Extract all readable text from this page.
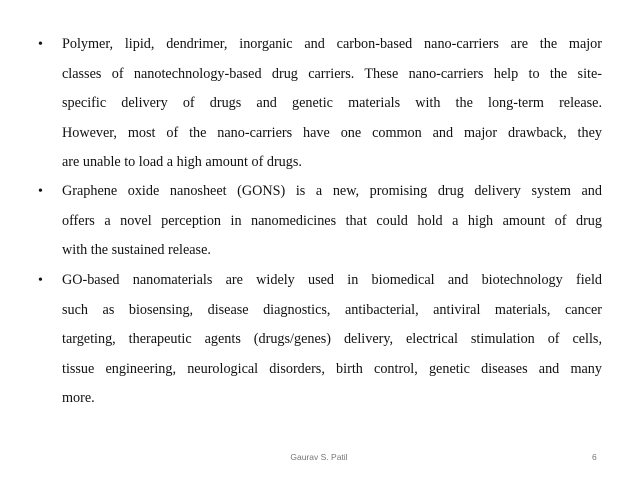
• Polymer, lipid, dendrimer, inorganic and carbon-based nano-carriers are the major
classes of nanotechnology-based drug carriers. These nano-carriers help to the site-
specific delivery of drugs and genetic materials with the long-term release.
However, most of the nano-carriers have one common and major drawback, they
are unable to load a high amount of drugs.
• Graphene oxide nanosheet (GONS) is a new, promising drug delivery system and
offers a novel perception in nanomedicines that could hold a high amount of drug
with the sustained release.
• GO-based nanomaterials are widely used in biomedical and biotechnology field
such as biosensing, disease diagnostics, antibacterial, antiviral materials, cancer
targeting, therapeutic agents (drugs/genes) delivery, electrical stimulation of cells,
tissue engineering, neurological disorders, birth control, genetic diseases and many
more.
Gaurav S. Patil	6
